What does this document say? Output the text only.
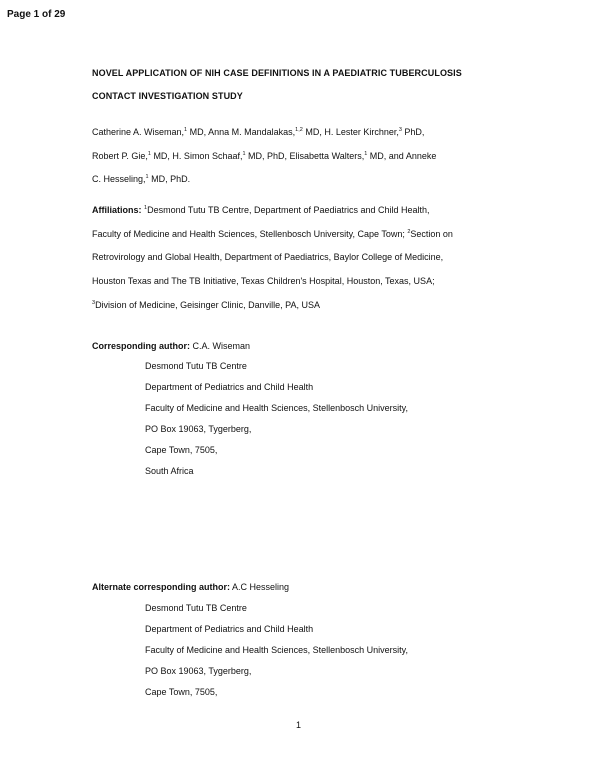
Page 1 of 29
NOVEL APPLICATION OF NIH CASE DEFINITIONS IN A PAEDIATRIC TUBERCULOSIS
CONTACT INVESTIGATION STUDY
Catherine A. Wiseman,$^1$ MD, Anna M. Mandalakas,$^{1,2}$ MD, H. Lester Kirchner,$^3$ PhD,
Robert P. Gie,$^1$ MD, H. Simon Schaaf,$^1$ MD, PhD, Elisabetta Walters,$^1$ MD, and Anneke
C. Hesseling,$^1$ MD, PhD.
Affiliations: $^1$Desmond Tutu TB Centre, Department of Paediatrics and Child Health,
Faculty of Medicine and Health Sciences, Stellenbosch University, Cape Town; $^2$Section on
Retrovirology and Global Health, Department of Paediatrics, Baylor College of Medicine,
Houston Texas and The TB Initiative, Texas Children's Hospital, Houston, Texas, USA;
$^3$Division of Medicine, Geisinger Clinic, Danville, PA, USA
Corresponding author: C.A. Wiseman
Desmond Tutu TB Centre
Department of Pediatrics and Child Health
Faculty of Medicine and Health Sciences, Stellenbosch University,
PO Box 19063, Tygerberg,
Cape Town, 7505,
South Africa
Alternate corresponding author: A.C Hesseling
Desmond Tutu TB Centre
Department of Pediatrics and Child Health
Faculty of Medicine and Health Sciences, Stellenbosch University,
PO Box 19063, Tygerberg,
Cape Town, 7505,
1
